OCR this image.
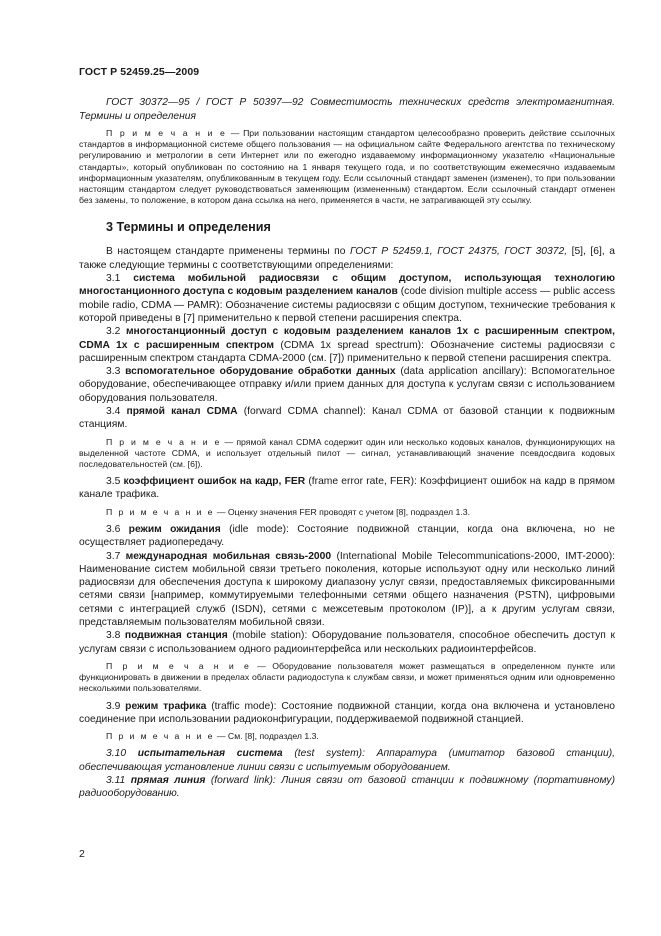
ГОСТ Р 52459.25—2009

ГОСТ 30372—95 / ГОСТ Р 50397—92 Совместимость технических средств электромагнитная. Термины и определения

П р и м е ч а н и е — При пользовании настоящим стандартом целесообразно проверить действие ссылочных стандартов в информационной системе общего пользования — на официальном сайте Федерального агентства по техническому регулированию и метрологии в сети Интернет или по ежегодно издаваемому информационному указателю «Национальные стандарты», который опубликован по состоянию на 1 января текущего года, и по соответствующим ежемесячно издаваемым информационным указателям, опубликованным в текущем году. Если ссылочный стандарт заменен (изменен), то при пользовании настоящим стандартом следует руководствоваться заменяющим (измененным) стандартом. Если ссылочный стандарт отменен без замены, то положение, в котором дана ссылка на него, применяется в части, не затрагивающей эту ссылку.

3 Термины и определения

В настоящем стандарте применены термины по ГОСТ Р 52459.1, ГОСТ 24375, ГОСТ 30372, [5], [6], а также следующие термины с соответствующими определениями:

3.1 система мобильной радиосвязи с общим доступом, использующая технологию многостанционного доступа с кодовым разделением каналов (code division multiple access — public access mobile radio, CDMA — PAMR): Обозначение системы радиосвязи с общим доступом, технические требования к которой приведены в [7] применительно к первой степени расширения спектра.

3.2 многостанционный доступ с кодовым разделением каналов 1х с расширенным спектром, CDMA 1х с расширенным спектром (CDMA 1х spread spectrum): Обозначение системы радиосвязи с расширенным спектром стандарта CDMA-2000 (см. [7]) применительно к первой степени расширения спектра.

3.3 вспомогательное оборудование обработки данных (data application ancillary): Вспомогательное оборудование, обеспечивающее отправку и/или прием данных для доступа к услугам связи с использованием оборудования пользователя.

3.4 прямой канал CDMA (forward CDMA channel): Канал CDMA от базовой станции к подвижным станциям.

П р и м е ч а н и е — прямой канал CDMA содержит один или несколько кодовых каналов, функционирующих на выделенной частоте CDMA, и использует отдельный пилот — сигнал, устанавливающий значение псевдосдвига кодовых последовательностей (см. [6]).

3.5 коэффициент ошибок на кадр, FER (frame error rate, FER): Коэффициент ошибок на кадр в прямом канале трафика.

П р и м е ч а н и е — Оценку значения FER проводят с учетом [8], подраздел 1.3.

3.6 режим ожидания (idle mode): Состояние подвижной станции, когда она включена, но не осуществляет радиопередачу.

3.7 международная мобильная связь-2000 (International Mobile Telecommunications-2000, IMT-2000): Наименование систем мобильной связи третьего поколения, которые используют одну или несколько линий радиосвязи для обеспечения доступа к широкому диапазону услуг связи, предоставляемых фиксированными сетями связи [например, коммутируемыми телефонными сетями общего назначения (PSTN), цифровыми сетями с интеграцией служб (ISDN), сетями с межсетевым протоколом (IP)], а к другим услугам связи, представляемым пользователям мобильной связи.

3.8 подвижная станция (mobile station): Оборудование пользователя, способное обеспечить доступ к услугам связи с использованием одного радиоинтерфейса или нескольких радиоинтерфейсов.

П р и м е ч а н и е — Оборудование пользователя может размещаться в определенном пункте или функционировать в движении в пределах области радиодоступа к службам связи, и может применяться одним или одновременно несколькими пользователями.

3.9 режим трафика (traffic mode): Состояние подвижной станции, когда она включена и установлено соединение при использовании радиоконфигурации, поддерживаемой подвижной станцией.

П р и м е ч а н и е — См. [8], подраздел 1.3.

3.10 испытательная система (test system): Аппаратура (имитатор базовой станции), обеспечивающая установление линии связи с испытуемым оборудованием.

3.11 прямая линия (forward link): Линия связи от базовой станции к подвижному (портативному) радиооборудованию.

2
